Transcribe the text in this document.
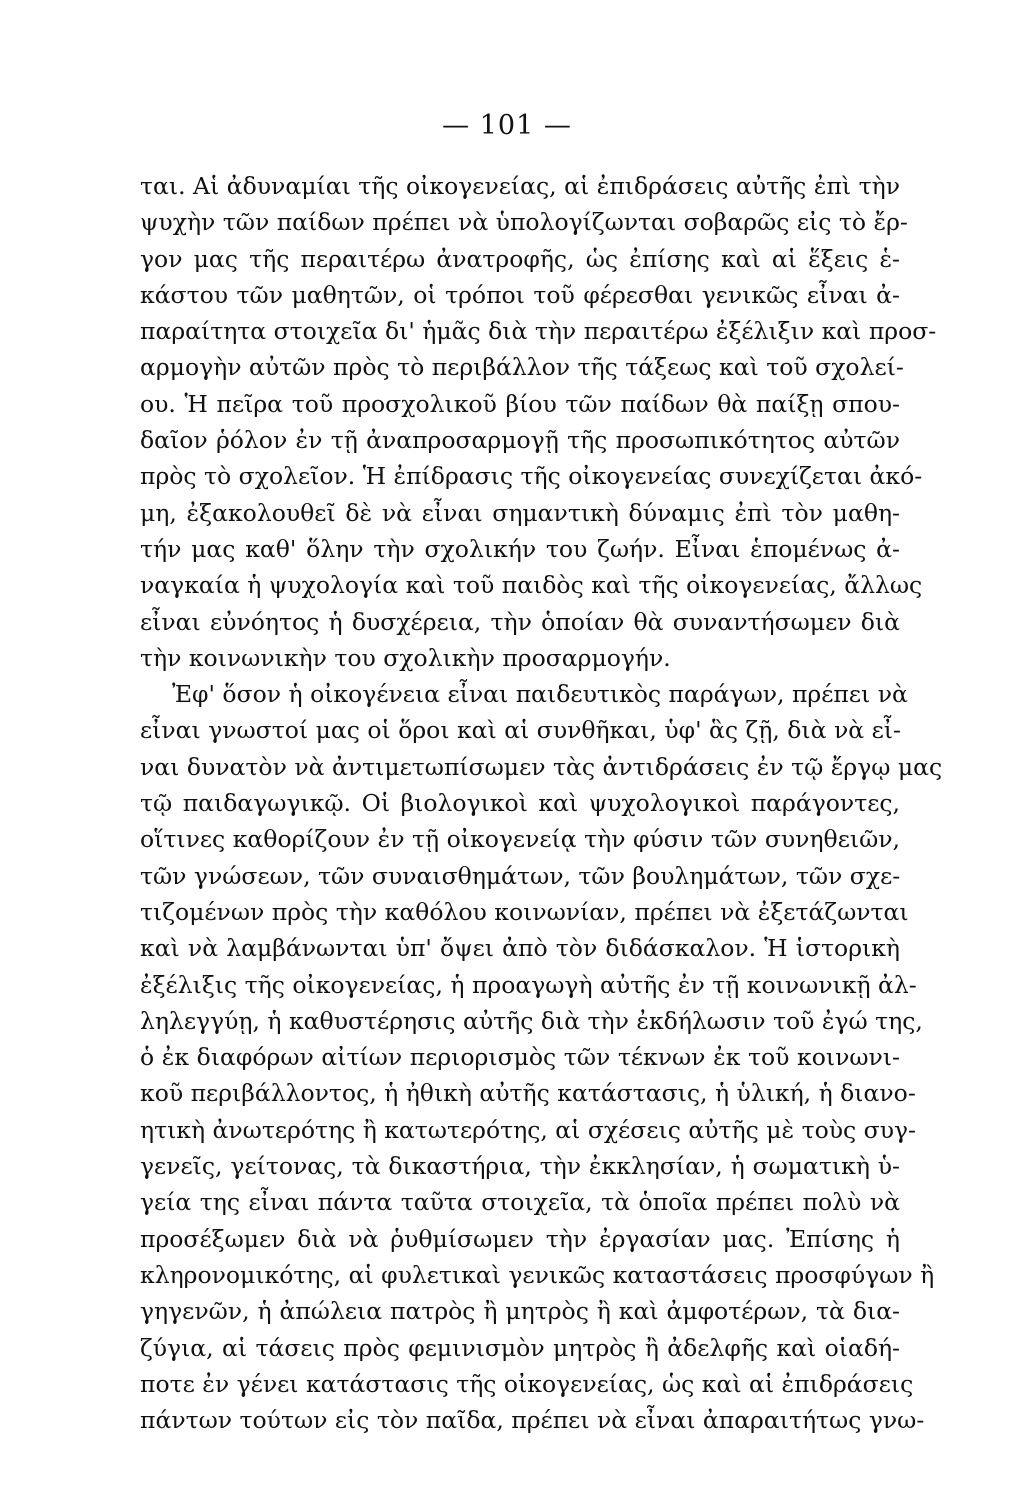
— 101 —
ται. Αἱ ἀδυναμίαι τῆς οἰκογενείας, αἱ ἐπιδράσεις αὐτῆς ἐπὶ τὴν
ψυχὴν τῶν παίδων πρέπει νὰ ὑπολογίζωνται σοβαρῶς εἰς τὸ ἔρ-
γον μας τῆς περαιτέρω ἀνατροφῆς, ὡς ἐπίσης καὶ αἱ ἕξεις ἑ-
κάστου τῶν μαθητῶν, οἱ τρόποι τοῦ φέρεσθαι γενικῶς εἶναι ἀ-
παραίτητα στοιχεῖα δι' ἡμᾶς διὰ τὴν περαιτέρω ἐξέλιξιν καὶ προσ-
αρμογὴν αὐτῶν πρὸς τὸ περιβάλλον τῆς τάξεως καὶ τοῦ σχολεί-
ου. Ἡ πεῖρα τοῦ προσχολικοῦ βίου τῶν παίδων θὰ παίξῃ σπου-
δαῖον ῥόλον ἐν τῇ ἀναπροσαρμογῇ τῆς προσωπικότητος αὐτῶν
πρὸς τὸ σχολεῖον. Ἡ ἐπίδρασις τῆς οἰκογενείας συνεχίζεται ἀκό-
μη, ἐξακολουθεῖ δὲ νὰ εἶναι σημαντικὴ δύναμις ἐπὶ τὸν μαθη-
τήν μας καθ' ὅλην τὴν σχολικήν του ζωήν. Εἶναι ἑπομένως ἀ-
ναγκαία ἡ ψυχολογία καὶ τοῦ παιδὸς καὶ τῆς οἰκογενείας, ἄλλως
εἶναι εὐνόητος ἡ δυσχέρεια, τὴν ὁποίαν θὰ συναντήσωμεν διὰ
τὴν κοινωνικὴν του σχολικὴν προσαρμογήν.
Ἐφ' ὅσον ἡ οἰκογένεια εἶναι παιδευτικὸς παράγων, πρέπει νὰ
εἶναι γνωστοί μας οἱ ὅροι καὶ αἱ συνθῆκαι, ὑφ' ἃς ζῇ, διὰ νὰ εἶ-
ναι δυνατὸν νὰ ἀντιμετωπίσωμεν τὰς ἀντιδράσεις ἐν τῷ ἔργῳ μας
τῷ παιδαγωγικῷ. Οἱ βιολογικοὶ καὶ ψυχολογικοὶ παράγοντες,
οἵτινες καθορίζουν ἐν τῇ οἰκογενείᾳ τὴν φύσιν τῶν συνηθειῶν,
τῶν γνώσεων, τῶν συναισθημάτων, τῶν βουλημάτων, τῶν σχε-
τιζομένων πρὸς τὴν καθόλου κοινωνίαν, πρέπει νὰ ἐξετάζωνται
καὶ νὰ λαμβάνωνται ὑπ' ὄψει ἀπὸ τὸν διδάσκαλον. Ἡ ἱστορικὴ
ἐξέλιξις τῆς οἰκογενείας, ἡ προαγωγὴ αὐτῆς ἐν τῇ κοινωνικῇ ἀλ-
ληλεγγύῃ, ἡ καθυστέρησις αὐτῆς διὰ τὴν ἐκδήλωσιν τοῦ ἐγώ της,
ὁ ἐκ διαφόρων αἰτίων περιορισμὸς τῶν τέκνων ἐκ τοῦ κοινωνι-
κοῦ περιβάλλοντος, ἡ ἠθικὴ αὐτῆς κατάστασις, ἡ ὑλική, ἡ διανο-
ητικὴ ἀνωτερότης ἢ κατωτερότης, αἱ σχέσεις αὐτῆς μὲ τοὺς συγ-
γενεῖς, γείτονας, τὰ δικαστήρια, τὴν ἐκκλησίαν, ἡ σωματικὴ ὑ-
γεία της εἶναι πάντα ταῦτα στοιχεῖα, τὰ ὁποῖα πρέπει πολὺ νὰ
προσέξωμεν διὰ νὰ ῥυθμίσωμεν τὴν ἐργασίαν μας. Ἐπίσης ἡ
κληρονομικότης, αἱ φυλετικαὶ γενικῶς καταστάσεις προσφύγων ἢ
γηγενῶν, ἡ ἀπώλεια πατρὸς ἢ μητρὸς ἢ καὶ ἀμφοτέρων, τὰ δια-
ζύγια, αἱ τάσεις πρὸς φεμινισμὸν μητρὸς ἢ ἀδελφῆς καὶ οἱαδή-
ποτε ἐν γένει κατάστασις τῆς οἰκογενείας, ὡς καὶ αἱ ἐπιδράσεις
πάντων τούτων εἰς τὸν παῖδα, πρέπει νὰ εἶναι ἀπαραιτήτως γνω-
